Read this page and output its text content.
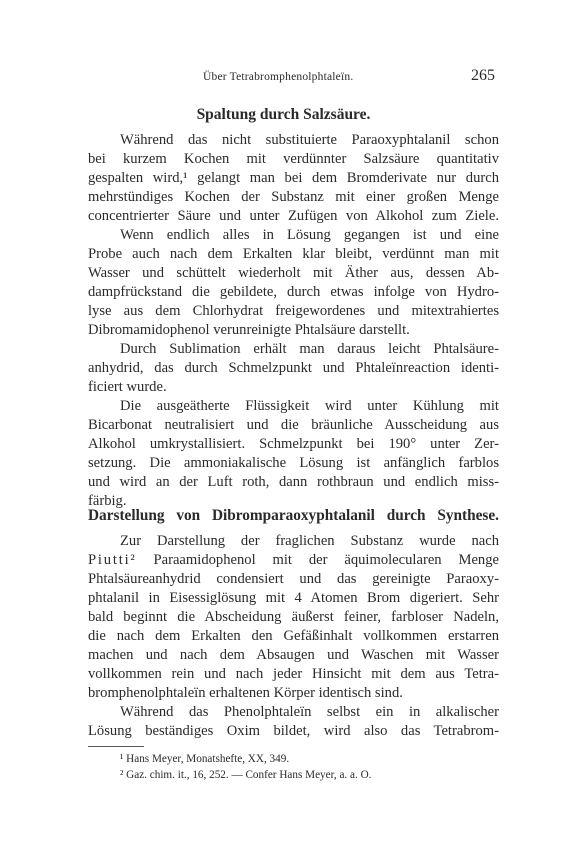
Über Tetrabromphenolphtaleïn.	265
Spaltung durch Salzsäure.
Während das nicht substituierte Paraoxyphtalanil schon
bei kurzem Kochen mit verdünnter Salzsäure quantitativ
gespalten wird,¹ gelangt man bei dem Bromderivate nur durch
mehrstündiges Kochen der Substanz mit einer großen Menge
concentrierter Säure und unter Zufügen von Alkohol zum Ziele.
Wenn endlich alles in Lösung gegangen ist und eine
Probe auch nach dem Erkalten klar bleibt, verdünnt man mit
Wasser und schüttelt wiederholt mit Äther aus, dessen Ab-
dampfrückstand die gebildete, durch etwas infolge von Hydro-
lyse aus dem Chlorhydrat freigewordenes und mitextrahiertes
Dibromamidophenol verunreinigte Phtalsäure darstellt.
Durch Sublimation erhält man daraus leicht Phtalsäure-
anhydrid, das durch Schmelzpunkt und Phtaleïnreaction identi-
ficiert wurde.
Die ausgeätherte Flüssigkeit wird unter Kühlung mit
Bicarbonat neutralisiert und die bräunliche Ausscheidung aus
Alkohol umkrystallisiert. Schmelzpunkt bei 190° unter Zer-
setzung. Die ammoniakalische Lösung ist anfänglich farblos
und wird an der Luft roth, dann rothbraun und endlich miss-
färbig.
Darstellung von Dibromparaoxyphtalanil durch Synthese.
Zur Darstellung der fraglichen Substanz wurde nach
Piutti² Paraamidophenol mit der äquimolecularen Menge
Phtalsäureanhydrid condensiert und das gereinigte Paraoxy-
phtalanil in Eisessiglösung mit 4 Atomen Brom digeriert. Sehr
bald beginnt die Abscheidung äußerst feiner, farbloser Nadeln,
die nach dem Erkalten den Gefäßinhalt vollkommen erstarren
machen und nach dem Absaugen und Waschen mit Wasser
vollkommen rein und nach jeder Hinsicht mit dem aus Tetra-
bromphenolphtaleïn erhaltenen Körper identisch sind.
Während das Phenolphtaleïn selbst ein in alkalischer
Lösung beständiges Oxim bildet, wird also das Tetrabrom-
¹ Hans Meyer, Monatshefte, XX, 349.
² Gaz. chim. it., 16, 252. — Confer Hans Meyer, a. a. O.
